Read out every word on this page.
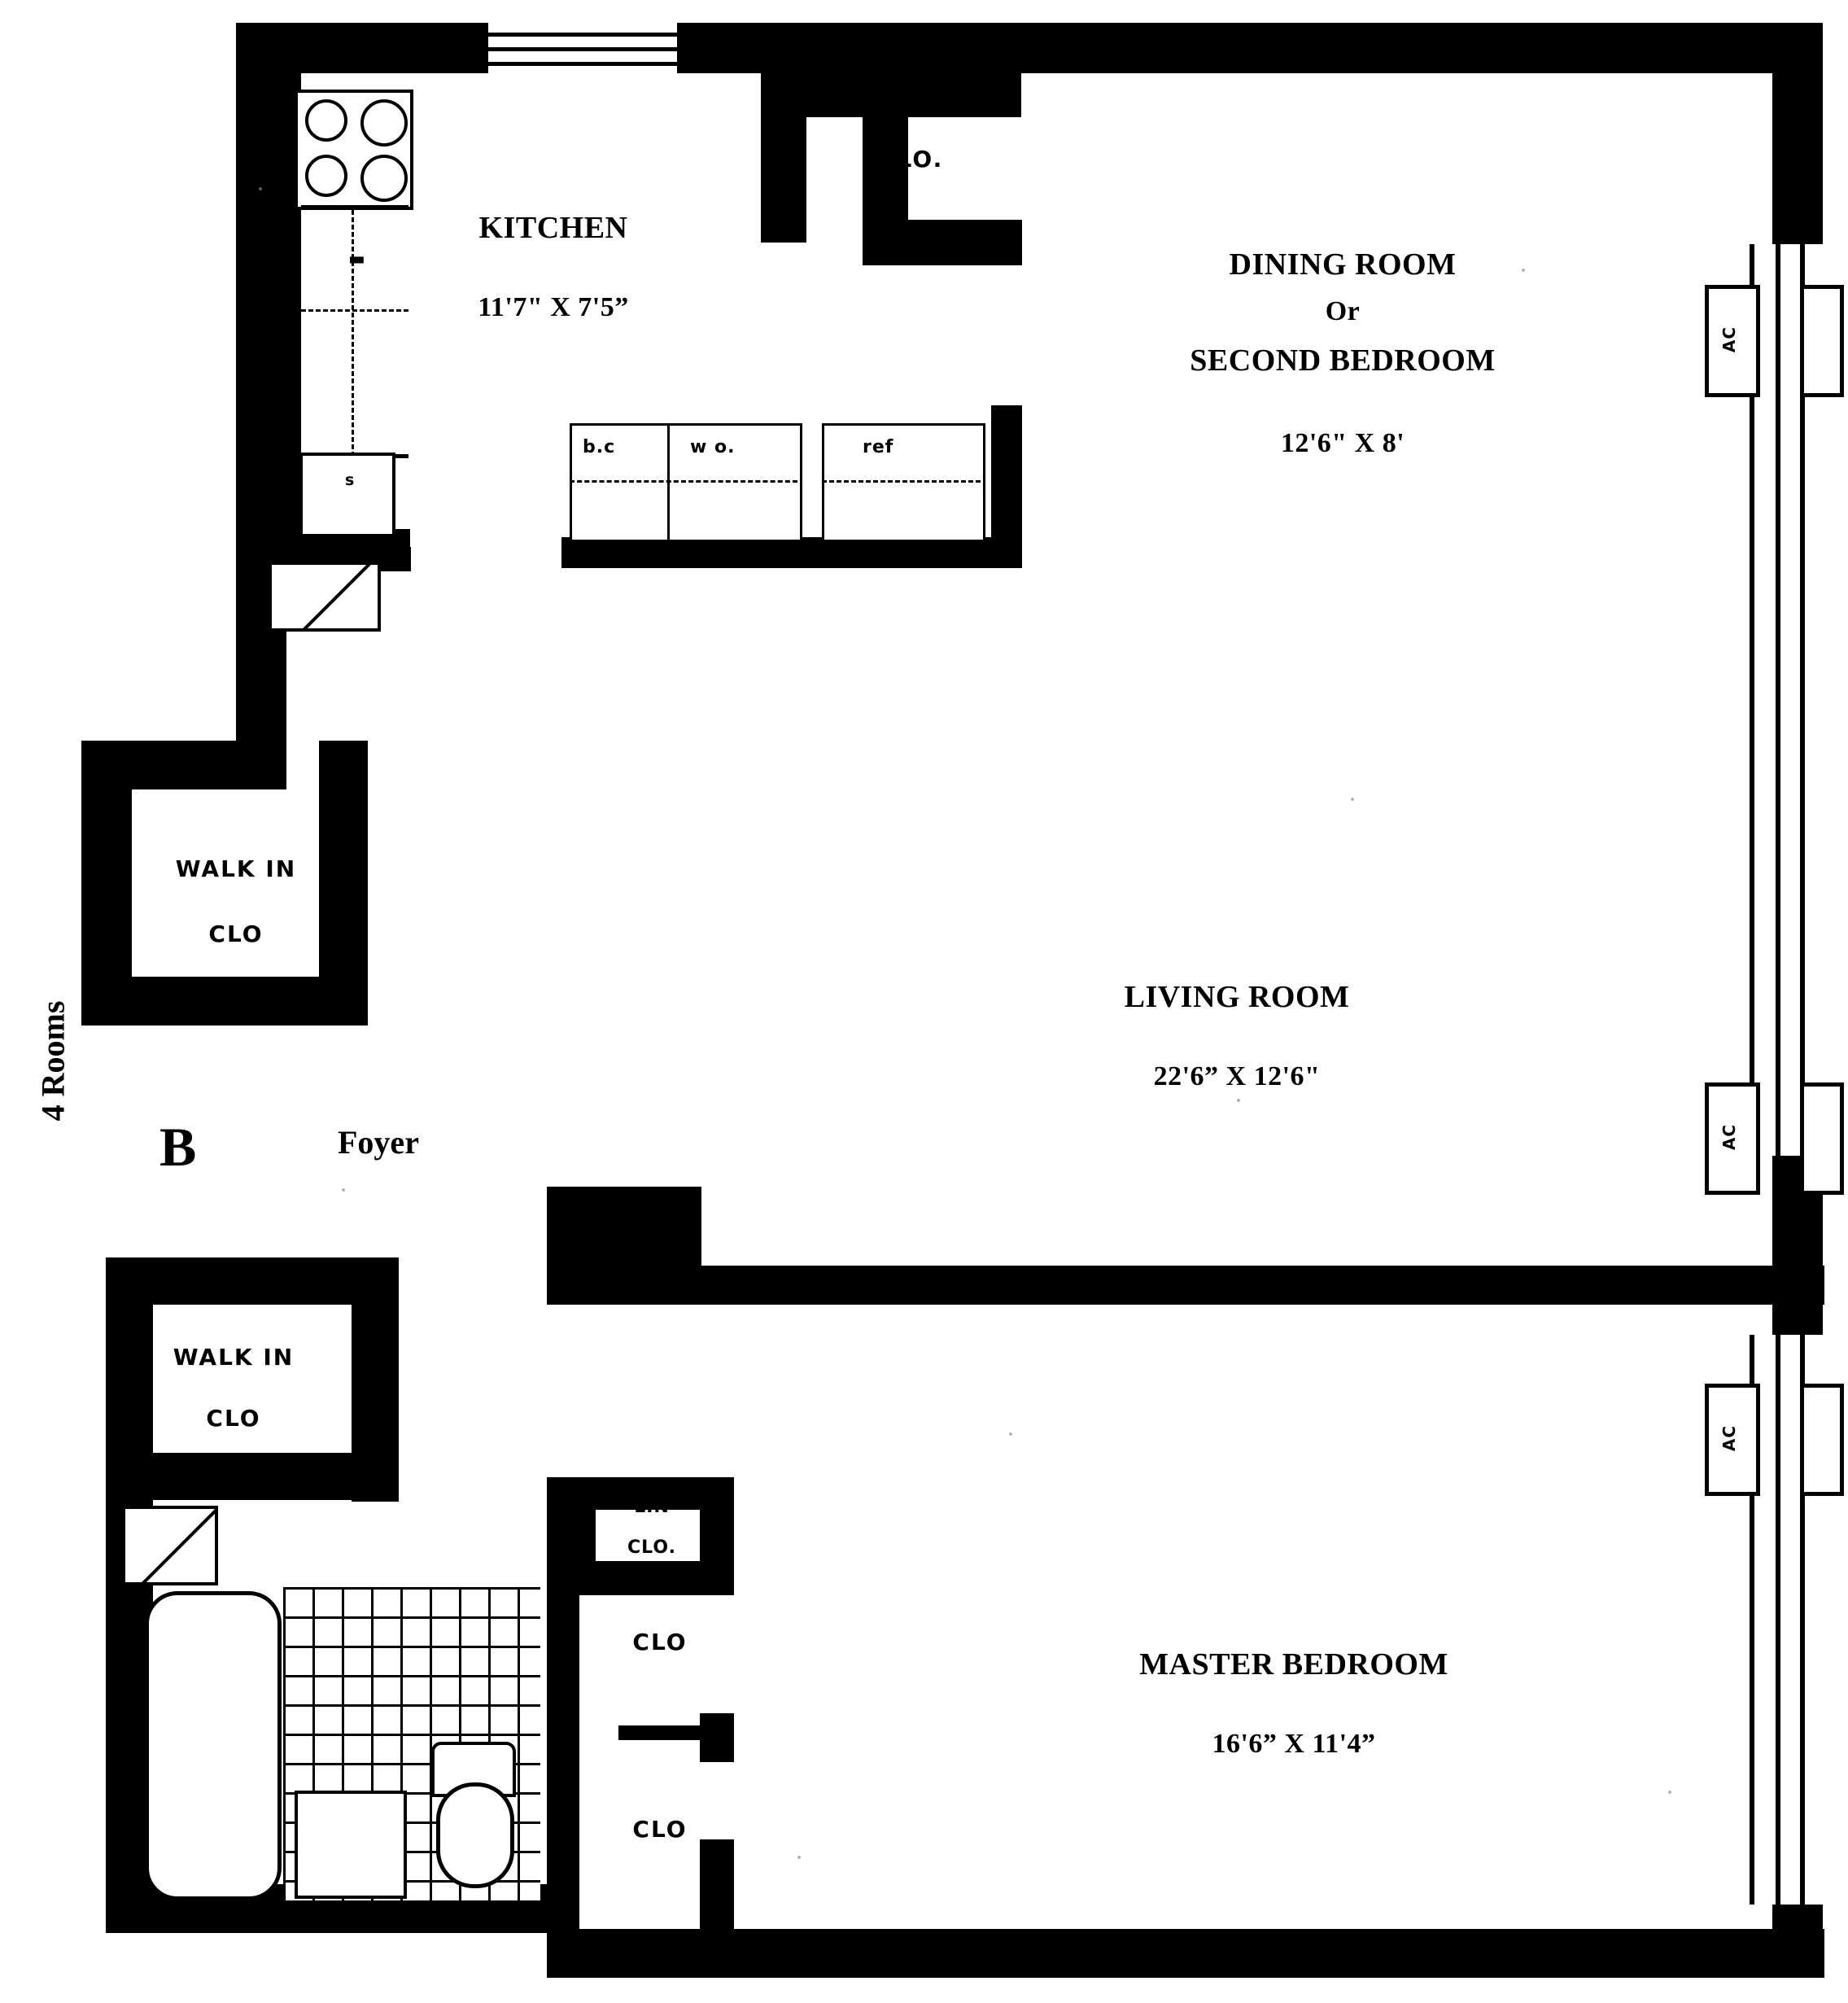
s
▬
b.c	w o.	ref
AC
AC
AC
KITCHEN
11'7" X 7'5”
DINING ROOM
Or
SECOND BEDROOM
12'6" X 8'
LIVING ROOM
22'6” X 12'6"
MASTER BEDROOM
16'6” X 11'4”
CLO.
WALK IN
CLO
WALK IN
CLO
LIN
CLO.
CLO
CLO
B	Foyer
4 Rooms
